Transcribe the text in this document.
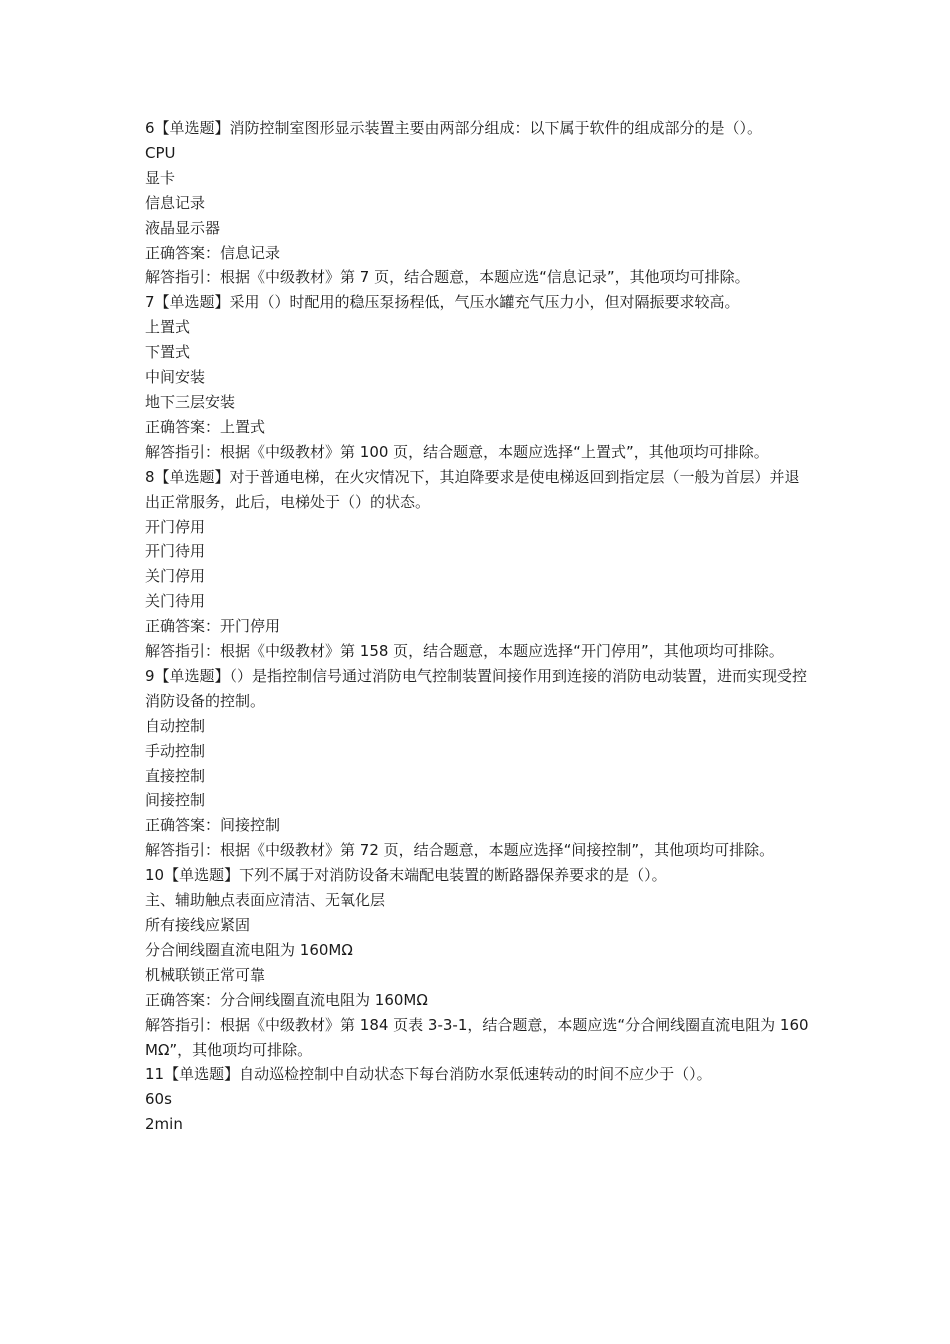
6【单选题】消防控制室图形显示装置主要由两部分组成：以下属于软件的组成部分的是（）。

CPU

显卡

信息记录

液晶显示器

正确答案：信息记录

解答指引：根据《中级教材》第 7 页，结合题意，本题应选“信息记录”，其他项均可排除。

7【单选题】采用（）时配用的稳压泵扬程低，气压水罐充气压力小，但对隔振要求较高。

上置式

下置式

中间安装

地下三层安装

正确答案：上置式

解答指引：根据《中级教材》第 100 页，结合题意，本题应选择“上置式”，其他项均可排除。

8【单选题】对于普通电梯，在火灾情况下，其迫降要求是使电梯返回到指定层（一般为首层）并退出正常服务，此后，电梯处于（）的状态。

开门停用

开门待用

关门停用

关门待用

正确答案：开门停用

解答指引：根据《中级教材》第 158 页，结合题意，本题应选择“开门停用”，其他项均可排除。

9【单选题】（）是指控制信号通过消防电气控制装置间接作用到连接的消防电动装置，进而实现受控消防设备的控制。

自动控制

手动控制

直接控制

间接控制

正确答案：间接控制

解答指引：根据《中级教材》第 72 页，结合题意，本题应选择“间接控制”，其他项均可排除。

10【单选题】下列不属于对消防设备末端配电装置的断路器保养要求的是（）。

主、辅助触点表面应清洁、无氧化层

所有接线应紧固

分合闸线圈直流电阻为 160MΩ

机械联锁正常可靠

正确答案：分合闸线圈直流电阻为 160MΩ

解答指引：根据《中级教材》第 184 页表 3-3-1，结合题意，本题应选“分合闸线圈直流电阻为 160MΩ”，其他项均可排除。

11【单选题】自动巡检控制中自动状态下每台消防水泵低速转动的时间不应少于（）。

60s

2min
